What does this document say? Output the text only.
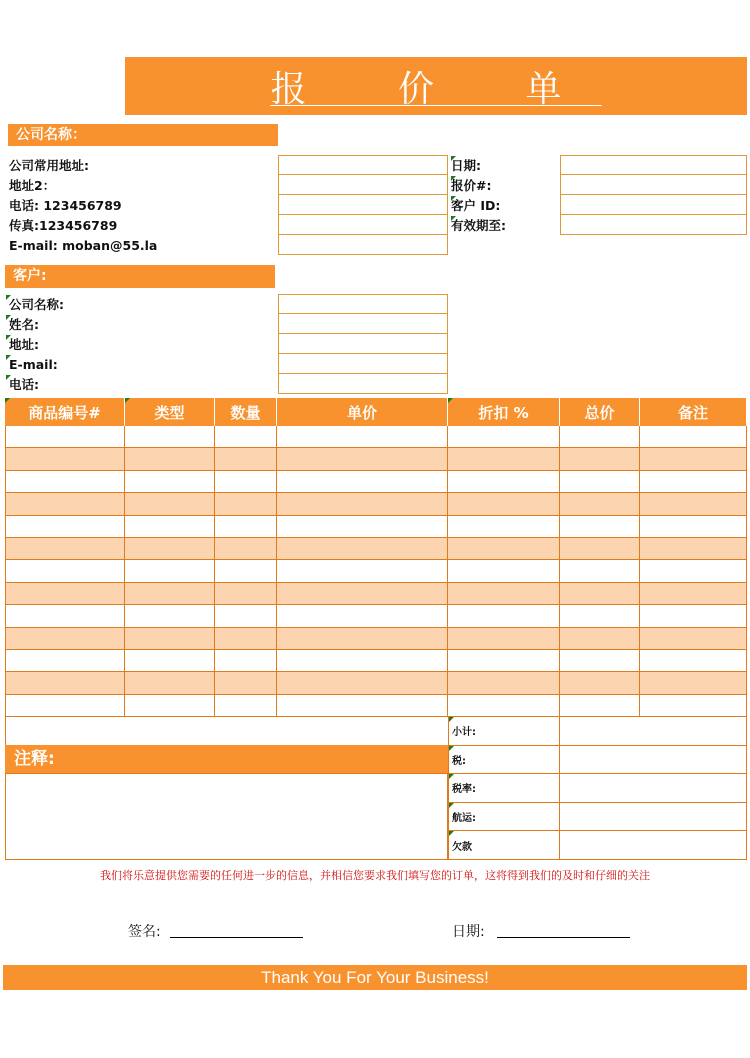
报 价 单
公司名称：
公司常用地址:
地址2：
电话: 123456789
传真:123456789
E-mail: moban@55.la
日期:
报价#:
客户 ID:
有效期至:
客户:
公司名称:
姓名:
地址:
E-mail:
电话:
商品编号#	类型	数量	单价	折扣 %	总价	备注
注释:
小计:
税:
税率:
航运:
欠款
我们将乐意提供您需要的任何进一步的信息，并相信您要求我们填写您的订单，这将得到我们的及时和仔细的关注
签名:	日期:
Thank You For Your Business!
